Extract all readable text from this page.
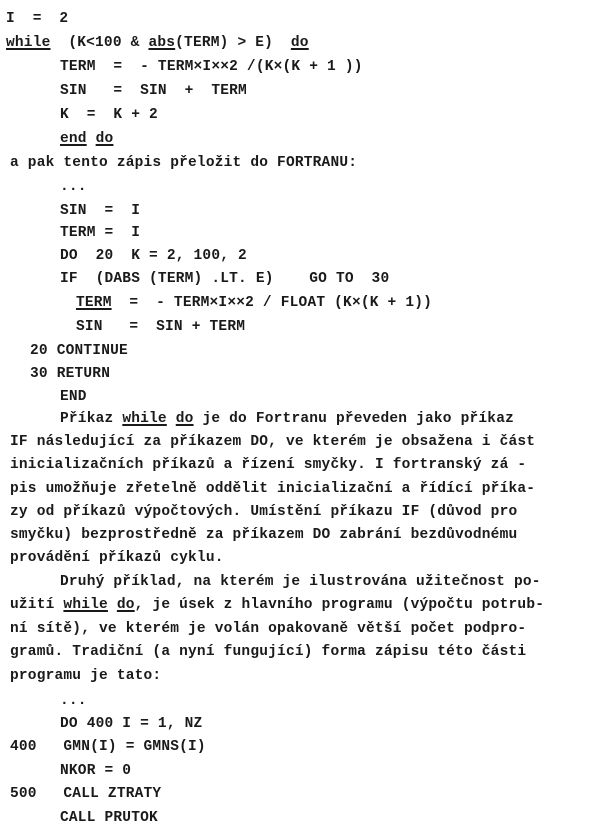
I  =  2
while  (K<100 & abs(TERM) > E)  do
TERM  =  - TERM×I××2 /(K×(K + 1 ))
SIN   =  SIN  +  TERM
K  =  K + 2
end do
a pak tento zápis přeložit do FORTRANU:
...
SIN  =  I
TERM =  I
DO  20  K = 2, 100, 2
IF  (DABS (TERM) .LT. E)    GO TO  30
TERM  =  - TERM×I××2 / FLOAT (K×(K + 1))
SIN   =  SIN + TERM
20 CONTINUE
30 RETURN
END
Příkaz while do je do Fortranu převeden jako příkaz
IF následující za příkazem DO, ve kterém je obsažena i část
inicializačních příkazů a řízení smyčky. I fortranský zá -
pis umožňuje zřetelně oddělit inicializační a řídící příka-
zy od příkazů výpočtových. Umístění příkazu IF (důvod pro
smyčku) bezprostředně za příkazem DO zabrání bezdůvodnému
provádění příkazů cyklu.
Druhý příklad, na kterém je ilustrována užitečnost po-
užití while do, je úsek z hlavního programu (výpočtu potrub-
ní sítě), ve kterém je volán opakovaně větší počet podpro-
gramů. Tradiční (a nyní fungující) forma zápisu této části
programu je tato:
...
DO 400 I = 1, NZ
400   GMN(I) = GMNS(I)
NKOR = 0
500   CALL ZTRATY
CALL PRUTOK
